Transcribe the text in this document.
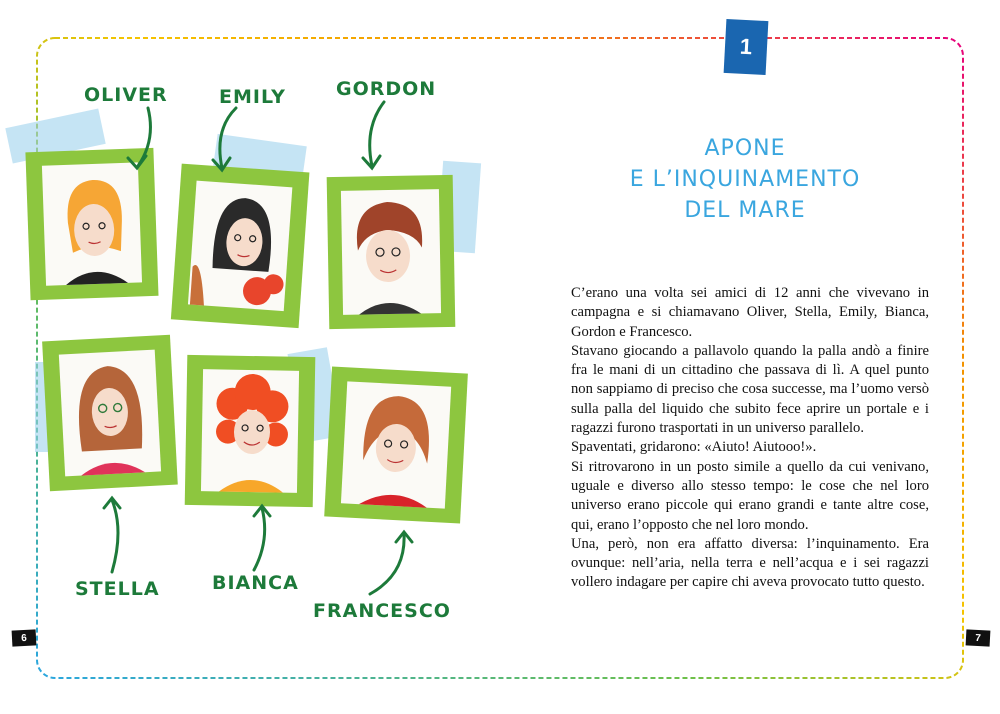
OLIVER	EMILY	GORDON
STELLA	BIANCA
FRANCESCO
1
APONE
E L’INQUINAMENTO
DEL MARE

C’erano una volta sei amici di 12 anni che vivevano in campagna e si chiamavano Oliver, Stella, Emily, Bianca, Gordon e Francesco.

Stavano giocando a pallavolo quando la palla andò a finire fra le mani di un cittadino che passava di lì. A quel punto non sappiamo di preciso che cosa successe, ma l’uomo versò sulla palla del liquido che subito fece aprire un portale e i ragazzi furono trasportati in un universo parallelo.

Spaventati, gridarono: «Aiuto! Aiutooo!».

Si ritrovarono in un posto simile a quello da cui venivano, uguale e diverso allo stesso tempo: le cose che nel loro universo erano piccole qui erano grandi e tante altre cose, qui, erano l’opposto che nel loro mondo.

Una, però, non era affatto diversa: l’inquinamento. Era ovunque: nell’aria, nella terra e nell’acqua e i sei ragazzi vollero indagare per capire chi aveva provocato tutto questo.

6	7
